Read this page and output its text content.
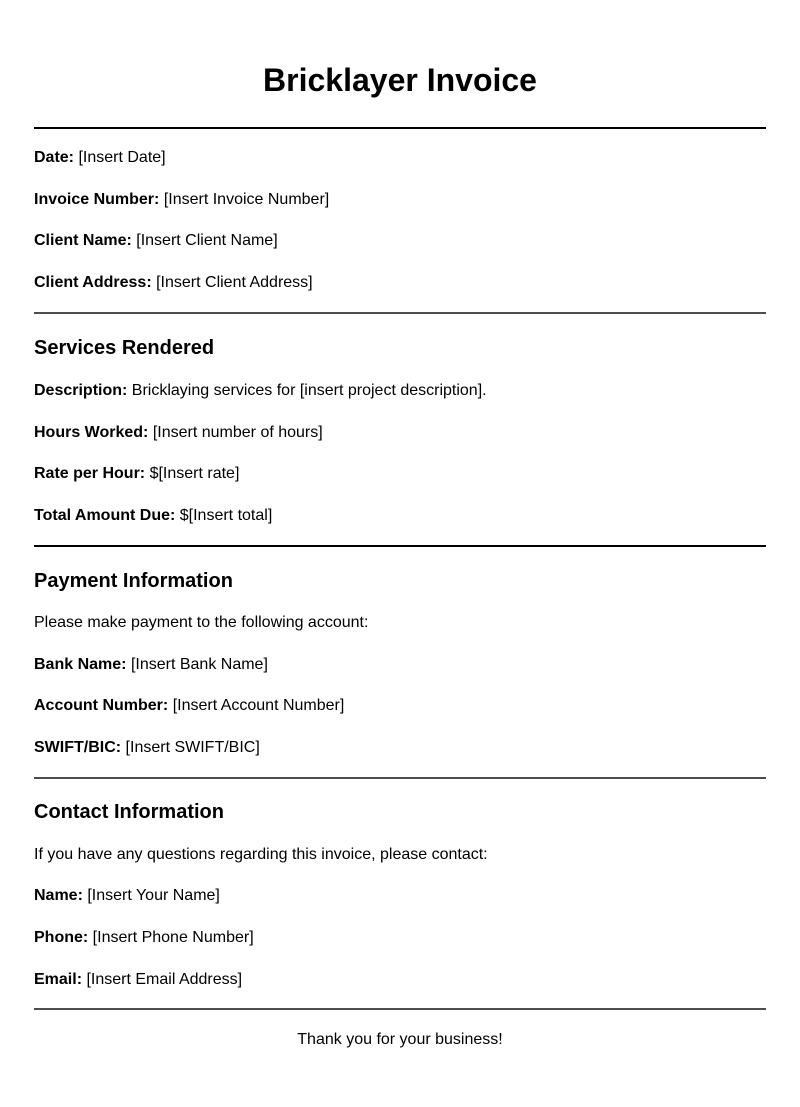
Bricklayer Invoice
Date: [Insert Date]
Invoice Number: [Insert Invoice Number]
Client Name: [Insert Client Name]
Client Address: [Insert Client Address]
Services Rendered
Description: Bricklaying services for [insert project description].
Hours Worked: [Insert number of hours]
Rate per Hour: $[Insert rate]
Total Amount Due: $[Insert total]
Payment Information
Please make payment to the following account:
Bank Name: [Insert Bank Name]
Account Number: [Insert Account Number]
SWIFT/BIC: [Insert SWIFT/BIC]
Contact Information
If you have any questions regarding this invoice, please contact:
Name: [Insert Your Name]
Phone: [Insert Phone Number]
Email: [Insert Email Address]
Thank you for your business!
